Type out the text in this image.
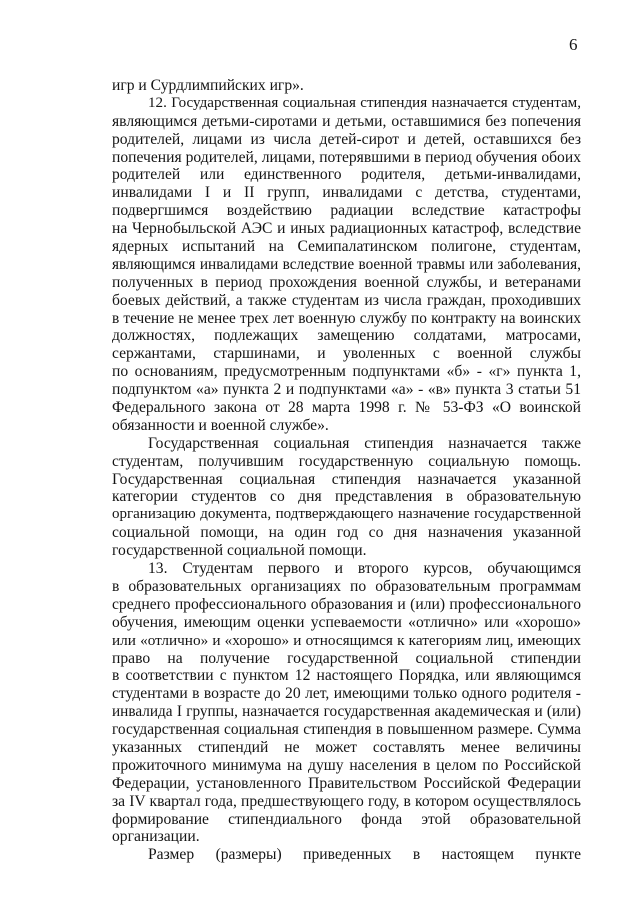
6
игр и Сурдлимпийских игр».
12. Государственная социальная стипендия назначается студентам,
являющимся детьми-сиротами и детьми, оставшимися без попечения
родителей, лицами из числа детей-сирот и детей, оставшихся без
попечения родителей, лицами, потерявшими в период обучения обоих
родителей или единственного родителя, детьми-инвалидами,
инвалидами I и II групп, инвалидами с детства, студентами,
подвергшимся воздействию радиации вследствие катастрофы
на Чернобыльской АЭС и иных радиационных катастроф, вследствие
ядерных испытаний на Семипалатинском полигоне, студентам,
являющимся инвалидами вследствие военной травмы или заболевания,
полученных в период прохождения военной службы, и ветеранами
боевых действий, а также студентам из числа граждан, проходивших
в течение не менее трех лет военную службу по контракту на воинских
должностях, подлежащих замещению солдатами, матросами,
сержантами, старшинами, и уволенных с военной службы
по основаниям, предусмотренным подпунктами «б» - «г» пункта 1,
подпунктом «а» пункта 2 и подпунктами «а» - «в» пункта 3 статьи 51
Федерального закона от 28 марта 1998 г. № 53-ФЗ «О воинской
обязанности и военной службе».
Государственная социальная стипендия назначается также
студентам, получившим государственную социальную помощь.
Государственная социальная стипендия назначается указанной
категории студентов со дня представления в образовательную
организацию документа, подтверждающего назначение государственной
социальной помощи, на один год со дня назначения указанной
государственной социальной помощи.
13. Студентам первого и второго курсов, обучающимся
в образовательных организациях по образовательным программам
среднего профессионального образования и (или) профессионального
обучения, имеющим оценки успеваемости «отлично» или «хорошо»
или «отлично» и «хорошо» и относящимся к категориям лиц, имеющих
право на получение государственной социальной стипендии
в соответствии с пунктом 12 настоящего Порядка, или являющимся
студентами в возрасте до 20 лет, имеющими только одного родителя -
инвалида I группы, назначается государственная академическая и (или)
государственная социальная стипендия в повышенном размере. Сумма
указанных стипендий не может составлять менее величины
прожиточного минимума на душу населения в целом по Российской
Федерации, установленного Правительством Российской Федерации
за IV квартал года, предшествующего году, в котором осуществлялось
формирование стипендиального фонда этой образовательной
организации.
Размер (размеры) приведенных в настоящем пункте
